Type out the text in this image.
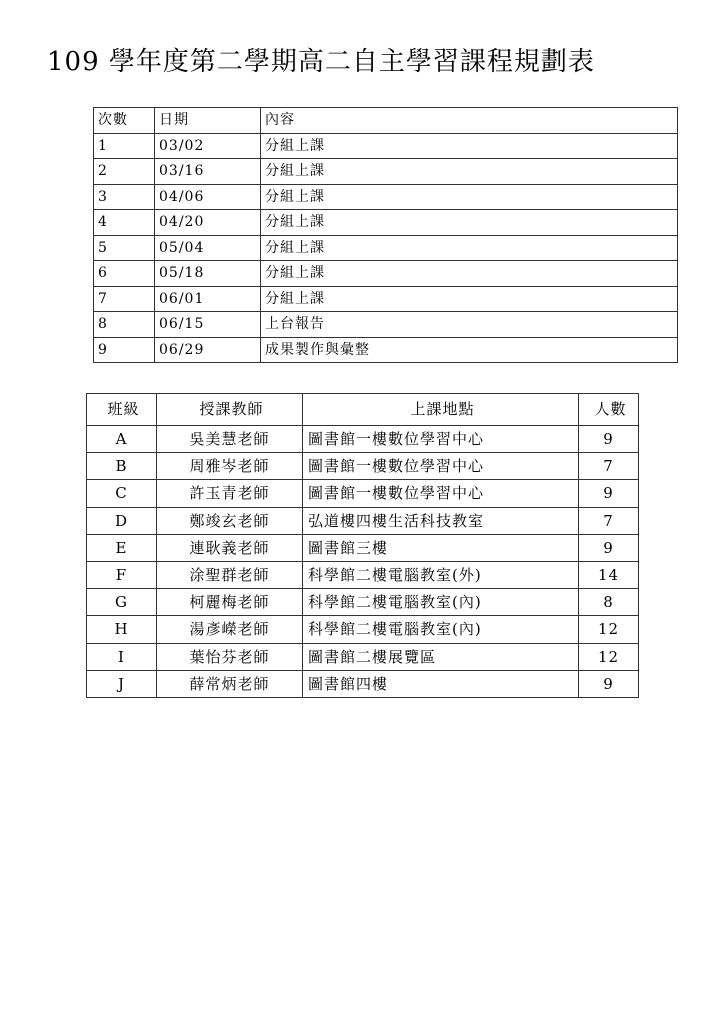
109 學年度第二學期高二自主學習課程規劃表
次數	日期	內容
1	03/02	分組上課
2	03/16	分組上課
3	04/06	分組上課
4	04/20	分組上課
5	05/04	分組上課
6	05/18	分組上課
7	06/01	分組上課
8	06/15	上台報告
9	06/29	成果製作與彙整
班級	授課教師	上課地點	人數
A	吳美慧老師	圖書館一樓數位學習中心	9
B	周雅岑老師	圖書館一樓數位學習中心	7
C	許玉青老師	圖書館一樓數位學習中心	9
D	鄭竣玄老師	弘道樓四樓生活科技教室	7
E	連耿義老師	圖書館三樓	9
F	涂聖群老師	科學館二樓電腦教室(外)	14
G	柯麗梅老師	科學館二樓電腦教室(內)	8
H	湯彥嶸老師	科學館二樓電腦教室(內)	12
I	葉怡芬老師	圖書館二樓展覽區	12
J	薛常炳老師	圖書館四樓	9
